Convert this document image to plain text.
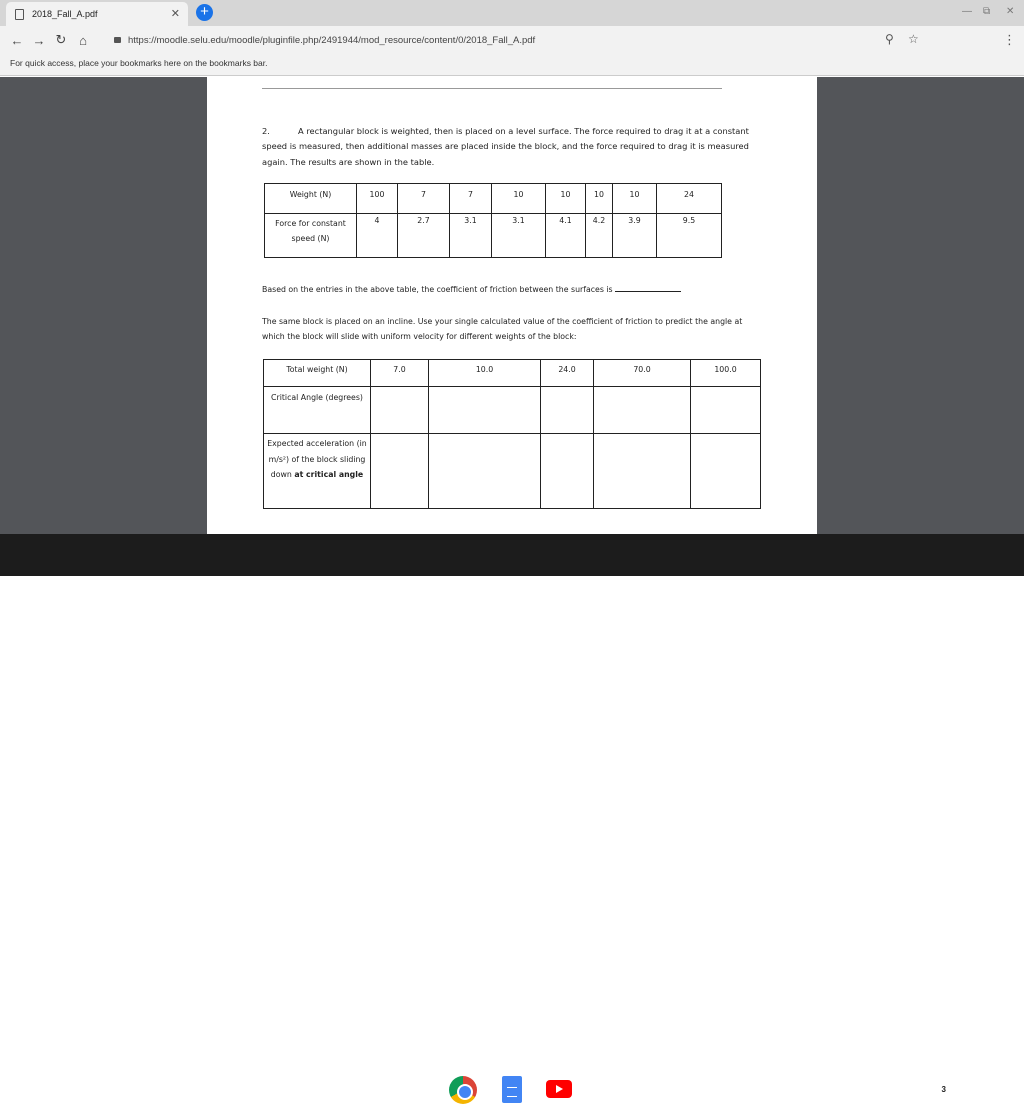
2018_Fall_A.pdf	✕ +	— ⧉ ✕
← → ↻ ⌂	https://moodle.selu.edu/moodle/pluginfile.php/2491944/mod_resource/content/0/2018_Fall_A.pdf	⚲ ☆	⋮
For quick access, place your bookmarks here on the bookmarks bar.
2.	A rectangular block is weighted, then is placed on a level surface. The force required to drag it at a constant speed is measured, then additional masses are placed inside the block, and the force required to drag it is measured again. The results are shown in the table.
Weight (N)	100	7	7	10	10	10	10	24
Force for constant speed (N)	4	2.7	3.1	3.1	4.1	4.2	3.9	9.5
Based on the entries in the above table, the coefficient of friction between the surfaces is
The same block is placed on an incline. Use your single calculated value of the coefficient of friction to predict the angle at which the block will slide with uniform velocity for different weights of the block:
Total weight (N)	7.0	10.0	24.0	70.0	100.0
Critical Angle (degrees)					
Expected acceleration (in m/s²) of the block sliding down at critical angle					
US	3	▼ ▮ 9:08
